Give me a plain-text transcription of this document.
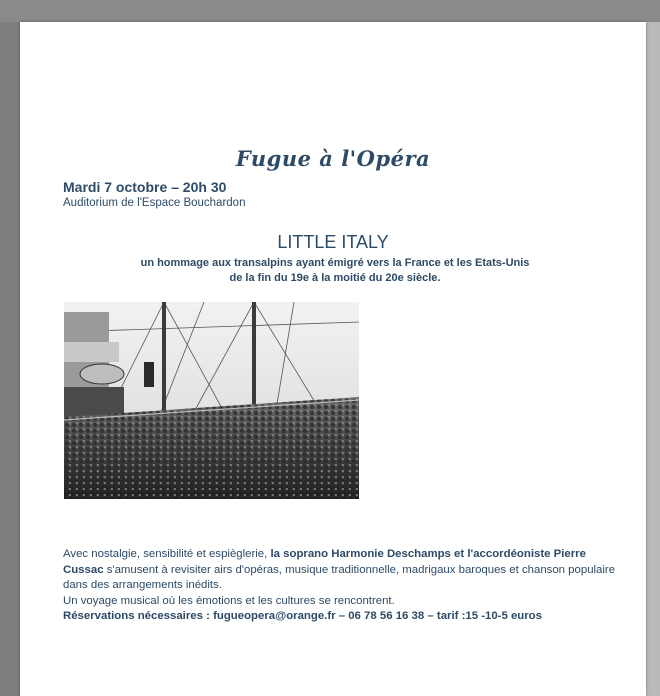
Fugue à l'Opéra
Mardi 7 octobre – 20h 30
Auditorium de l'Espace Bouchardon
LITTLE ITALY
un hommage aux transalpins ayant émigré vers la France et les Etats-Unis
de la fin du 19e à la moitié du 20e siècle.
Avec nostalgie, sensibilité et espièglerie, la soprano Harmonie Deschamps et l'accordéoniste Pierre Cussac s'amusent à revisiter airs d'opéras, musique traditionnelle, madrigaux baroques et chanson populaire dans des arrangements inédits.
Un voyage musical où les émotions et les cultures se rencontrent.
Réservations nécessaires : fugueopera@orange.fr – 06 78 56 16 38 – tarif :15 -10-5 euros
